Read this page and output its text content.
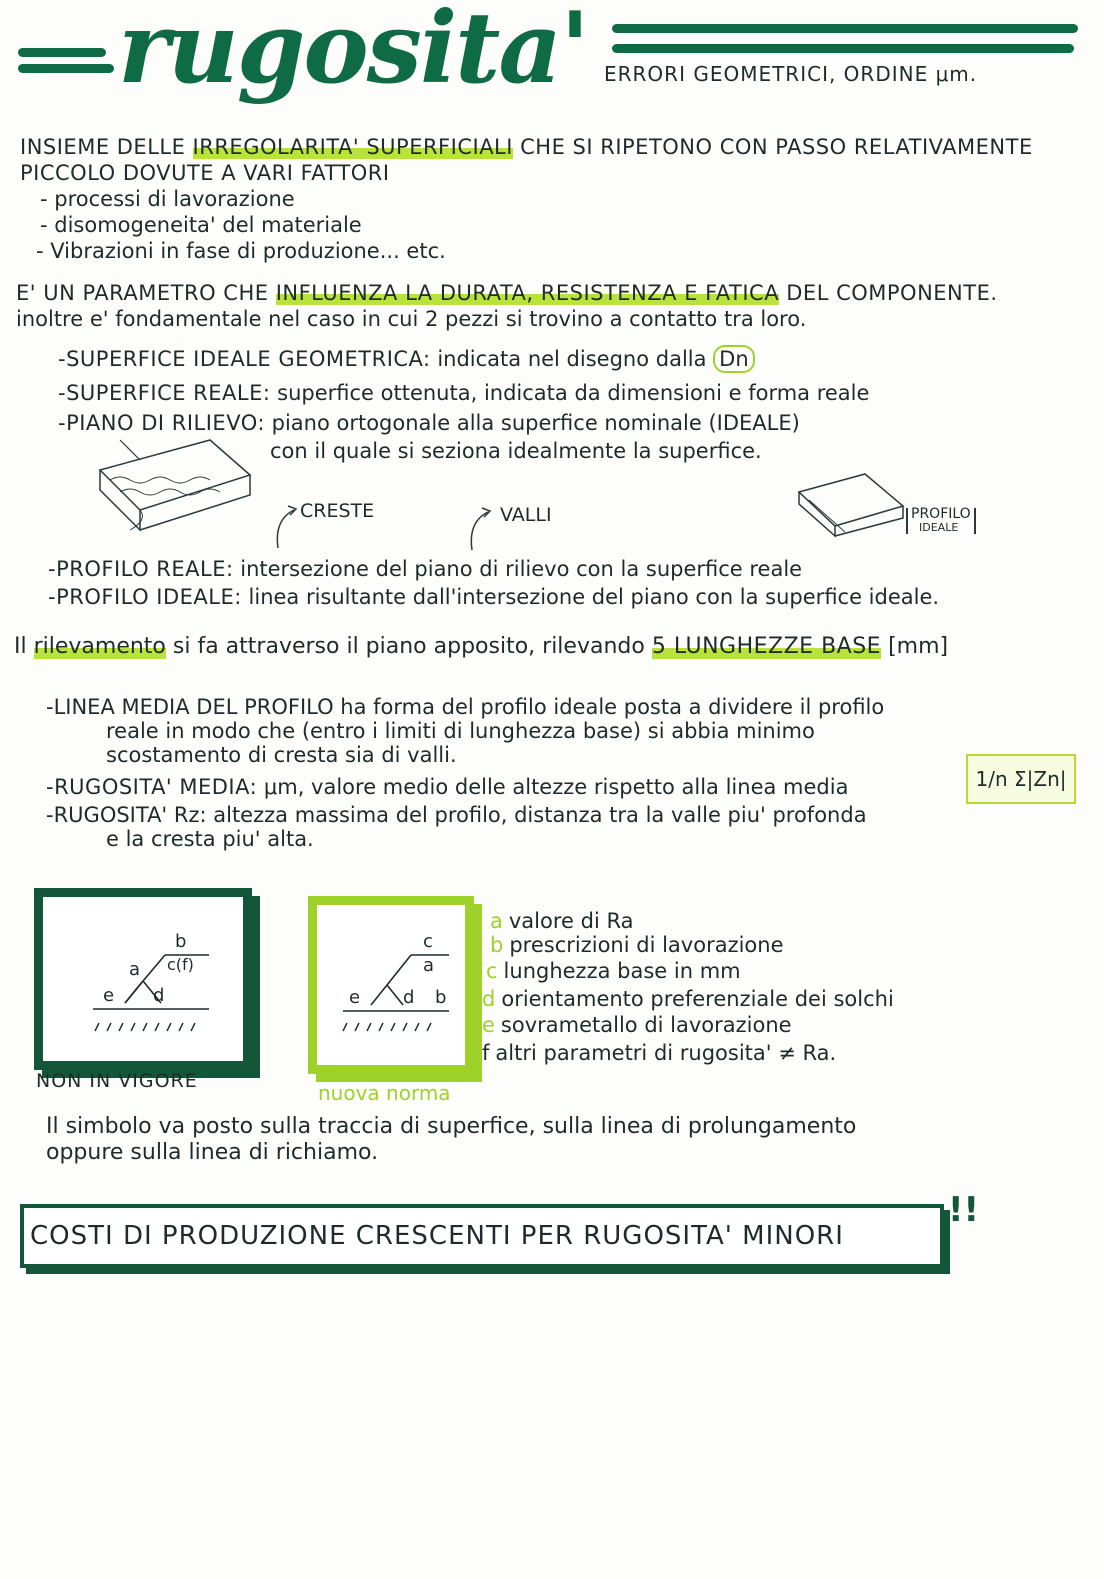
rugosita' ERRORI GEOMETRICI, ORDINE μm.
INSIEME DELLE IRREGOLARITA' SUPERFICIALI CHE SI RIPETONO CON PASSO RELATIVAMENTE
PICCOLO DOVUTE A VARI FATTORI
- processi di lavorazione
- disomogeneita' del materiale
- Vibrazioni in fase di produzione... etc.
E' UN PARAMETRO CHE INFLUENZA LA DURATA, RESISTENZA E FATICA DEL COMPONENTE.
inoltre e' fondamentale nel caso in cui 2 pezzi si trovino a contatto tra loro.
-SUPERFICE IDEALE GEOMETRICA: indicata nel disegno dalla Dn
-SUPERFICE REALE: superfice ottenuta, indicata da dimensioni e forma reale
-PIANO DI RILIEVO: piano ortogonale alla superfice nominale (IDEALE)
con il quale si seziona idealmente la superfice.
CRESTE	VALLI	PROFILO
IDEALE
-PROFILO REALE: intersezione del piano di rilievo con la superfice reale
-PROFILO IDEALE: linea risultante dall'intersezione del piano con la superfice ideale.
Il rilevamento si fa attraverso il piano apposito, rilevando 5 LUNGHEZZE BASE [mm]
-LINEA MEDIA DEL PROFILO ha forma del profilo ideale posta a dividere il profilo
reale in modo che (entro i limiti di lunghezza base) si abbia minimo
scostamento di cresta sia di valli.
-RUGOSITA' MEDIA: μm, valore medio delle altezze rispetto alla linea media	1/n Σ|Zn|
-RUGOSITA' Rz: altezza massima del profilo, distanza tra la valle piu' profonda
e la cresta piu' alta.
b
a c(f)
e d
NON IN VIGORE
c
a
e d b
nuova norma
a valore di Ra
b prescrizioni di lavorazione
c lunghezza base in mm
d orientamento preferenziale dei solchi
e sovrametallo di lavorazione
f altri parametri di rugosita' ≠ Ra.
Il simbolo va posto sulla traccia di superfice, sulla linea di prolungamento
oppure sulla linea di richiamo.
COSTI DI PRODUZIONE CRESCENTI PER RUGOSITA' MINORI
!!
